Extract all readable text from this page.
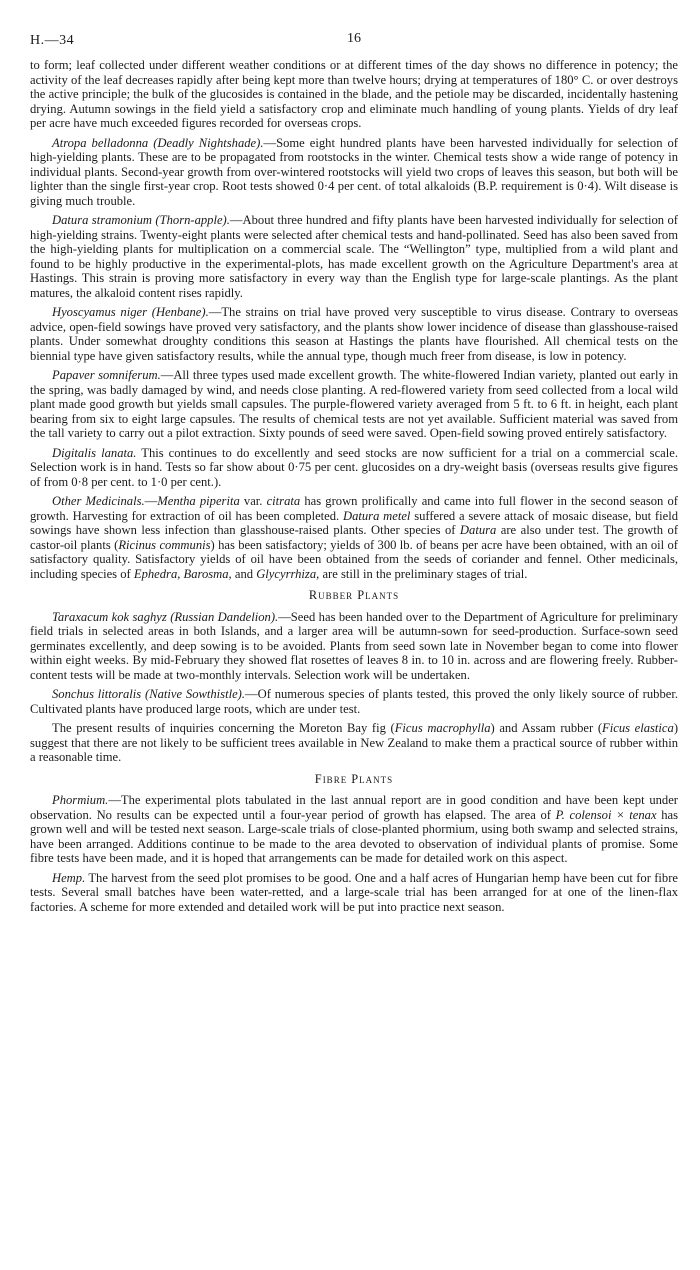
H.—34	16

to form; leaf collected under different weather conditions or at different times of the day shows no difference in potency; the activity of the leaf decreases rapidly after being kept more than twelve hours; drying at temperatures of 180° C. or over destroys the active principle; the bulk of the glucosides is contained in the blade, and the petiole may be discarded, incidentally hastening drying. Autumn sowings in the field yield a satisfactory crop and eliminate much handling of young plants. Yields of dry leaf per acre have much exceeded figures recorded for overseas crops.

Atropa belladonna (Deadly Nightshade).—Some eight hundred plants have been harvested individually for selection of high-yielding plants. These are to be propagated from rootstocks in the winter. Chemical tests show a wide range of potency in individual plants. Second-year growth from over-wintered rootstocks will yield two crops of leaves this season, but both will be lighter than the single first-year crop. Root tests showed 0·4 per cent. of total alkaloids (B.P. requirement is 0·4). Wilt disease is giving much trouble.

Datura stramonium (Thorn-apple).—About three hundred and fifty plants have been harvested individually for selection of high-yielding strains. Twenty-eight plants were selected after chemical tests and hand-pollinated. Seed has also been saved from the high-yielding plants for multiplication on a commercial scale. The “Wellington” type, multiplied from a wild plant and found to be highly productive in the experimental-plots, has made excellent growth on the Agriculture Department's area at Hastings. This strain is proving more satisfactory in every way than the English type for large-scale plantings. As the plant matures, the alkaloid content rises rapidly.

Hyoscyamus niger (Henbane).—The strains on trial have proved very susceptible to virus disease. Contrary to overseas advice, open-field sowings have proved very satisfactory, and the plants show lower incidence of disease than glasshouse-raised plants. Under somewhat droughty conditions this season at Hastings the plants have flourished. All chemical tests on the biennial type have given satisfactory results, while the annual type, though much freer from disease, is low in potency.

Papaver somniferum.—All three types used made excellent growth. The white-flowered Indian variety, planted out early in the spring, was badly damaged by wind, and needs close planting. A red-flowered variety from seed collected from a local wild plant made good growth but yields small capsules. The purple-flowered variety averaged from 5 ft. to 6 ft. in height, each plant bearing from six to eight large capsules. The results of chemical tests are not yet available. Sufficient material was saved from the tall variety to carry out a pilot extraction. Sixty pounds of seed were saved. Open-field sowing proved entirely satisfactory.

Digitalis lanata. This continues to do excellently and seed stocks are now sufficient for a trial on a commercial scale. Selection work is in hand. Tests so far show about 0·75 per cent. glucosides on a dry-weight basis (overseas results give figures of from 0·8 per cent. to 1·0 per cent.).

Other Medicinals.—Mentha piperita var. citrata has grown prolifically and came into full flower in the second season of growth. Harvesting for extraction of oil has been completed. Datura metel suffered a severe attack of mosaic disease, but field sowings have shown less infection than glasshouse-raised plants. Other species of Datura are also under test. The growth of castor-oil plants (Ricinus communis) has been satisfactory; yields of 300 lb. of beans per acre have been obtained, with an oil of satisfactory quality. Satisfactory yields of oil have been obtained from the seeds of coriander and fennel. Other medicinals, including species of Ephedra, Barosma, and Glycyrrhiza, are still in the preliminary stages of trial.

Rubber Plants

Taraxacum kok saghyz (Russian Dandelion).—Seed has been handed over to the Department of Agriculture for preliminary field trials in selected areas in both Islands, and a larger area will be autumn-sown for seed-production. Surface-sown seed germinates excellently, and deep sowing is to be avoided. Plants from seed sown late in November began to come into flower within eight weeks. By mid-February they showed flat rosettes of leaves 8 in. to 10 in. across and are flowering freely. Rubber-content tests will be made at two-monthly intervals. Selection work will be undertaken.

Sonchus littoralis (Native Sowthistle).—Of numerous species of plants tested, this proved the only likely source of rubber. Cultivated plants have produced large roots, which are under test.

The present results of inquiries concerning the Moreton Bay fig (Ficus macrophylla) and Assam rubber (Ficus elastica) suggest that there are not likely to be sufficient trees available in New Zealand to make them a practical source of rubber within a reasonable time.

Fibre Plants

Phormium.—The experimental plots tabulated in the last annual report are in good condition and have been kept under observation. No results can be expected until a four-year period of growth has elapsed. The area of P. colensoi × tenax has grown well and will be tested next season. Large-scale trials of close-planted phormium, using both swamp and selected strains, have been arranged. Additions continue to be made to the area devoted to observation of individual plants of promise. Some fibre tests have been made, and it is hoped that arrangements can be made for detailed work on this aspect.

Hemp. The harvest from the seed plot promises to be good. One and a half acres of Hungarian hemp have been cut for fibre tests. Several small batches have been water-retted, and a large-scale trial has been arranged for at one of the linen-flax factories. A scheme for more extended and detailed work will be put into practice next season.
